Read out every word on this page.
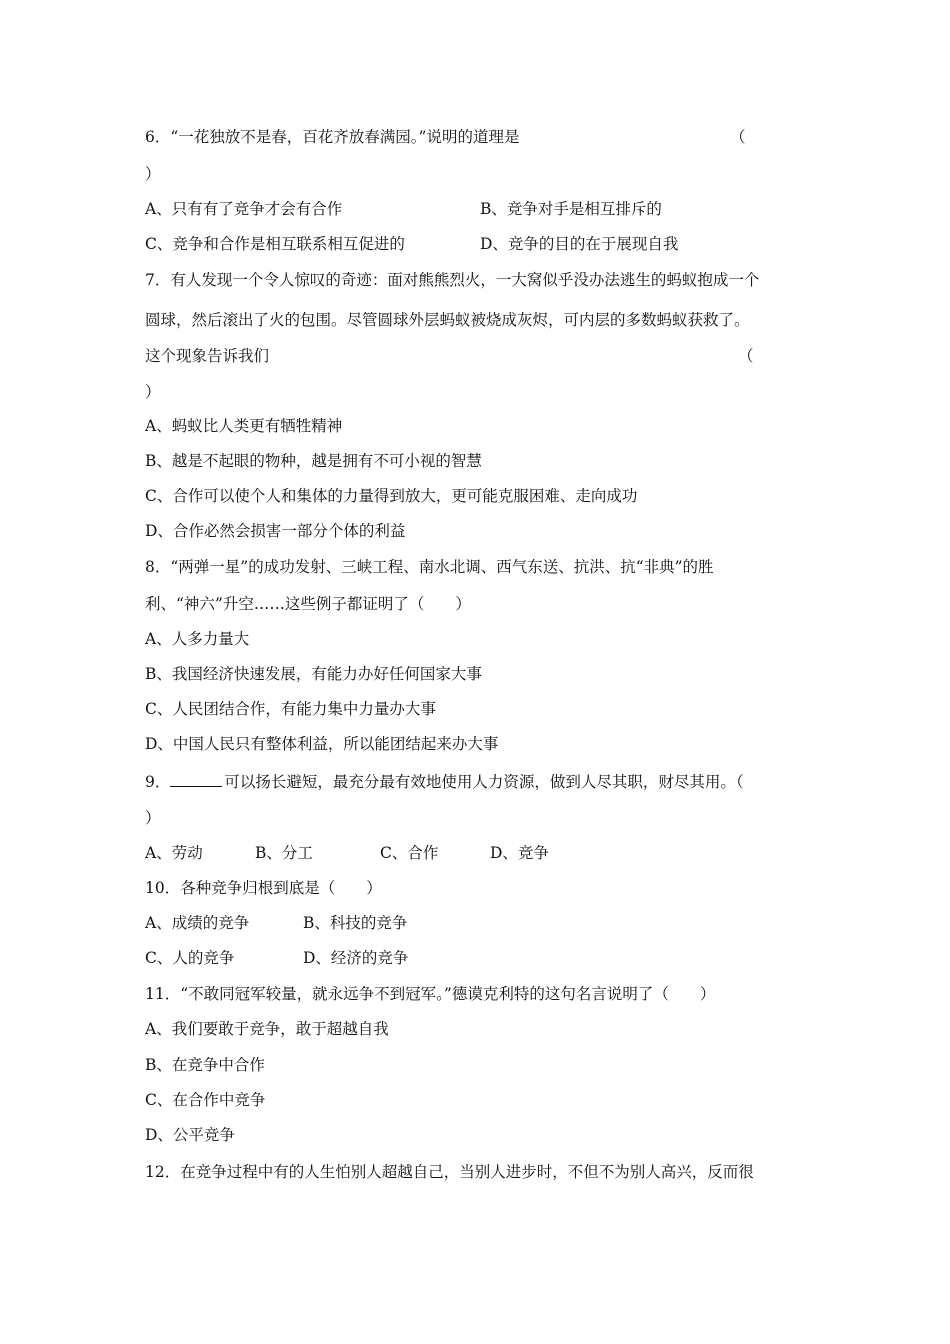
6．“一花独放不是春，百花齐放春满园。”说明的道理是	（
）
A、只有有了竞争才会有合作	B、竞争对手是相互排斥的
C、竞争和合作是相互联系相互促进的	D、竞争的目的在于展现自我
7．有人发现一个令人惊叹的奇迹：面对熊熊烈火，一大窝似乎没办法逃生的蚂蚁抱成一个
圆球，然后滚出了火的包围。尽管圆球外层蚂蚁被烧成灰烬，可内层的多数蚂蚁获救了。
这个现象告诉我们	（
）
A、蚂蚁比人类更有牺牲精神
B、越是不起眼的物种，越是拥有不可小视的智慧
C、合作可以使个人和集体的力量得到放大，更可能克服困难、走向成功
D、合作必然会损害一部分个体的利益
8．“两弹一星”的成功发射、三峡工程、南水北调、西气东送、抗洪、抗“非典”的胜
利、“神六”升空……这些例子都证明了（　　）
A、人多力量大
B、我国经济快速发展，有能力办好任何国家大事
C、人民团结合作，有能力集中力量办大事
D、中国人民只有整体利益，所以能团结起来办大事
9．	可以扬长避短，最充分最有效地使用人力资源，做到人尽其职，财尽其用。（
）
A、劳动	B、分工	C、合作	D、竞争
10．各种竞争归根到底是（　　）
A、成绩的竞争	B、科技的竞争
C、人的竞争	D、经济的竞争
11．“不敢同冠军较量，就永远争不到冠军。”德谟克利特的这句名言说明了（　　）
A、我们要敢于竞争，敢于超越自我
B、在竞争中合作
C、在合作中竞争
D、公平竞争
12．在竞争过程中有的人生怕别人超越自己，当别人进步时，不但不为别人高兴，反而很
